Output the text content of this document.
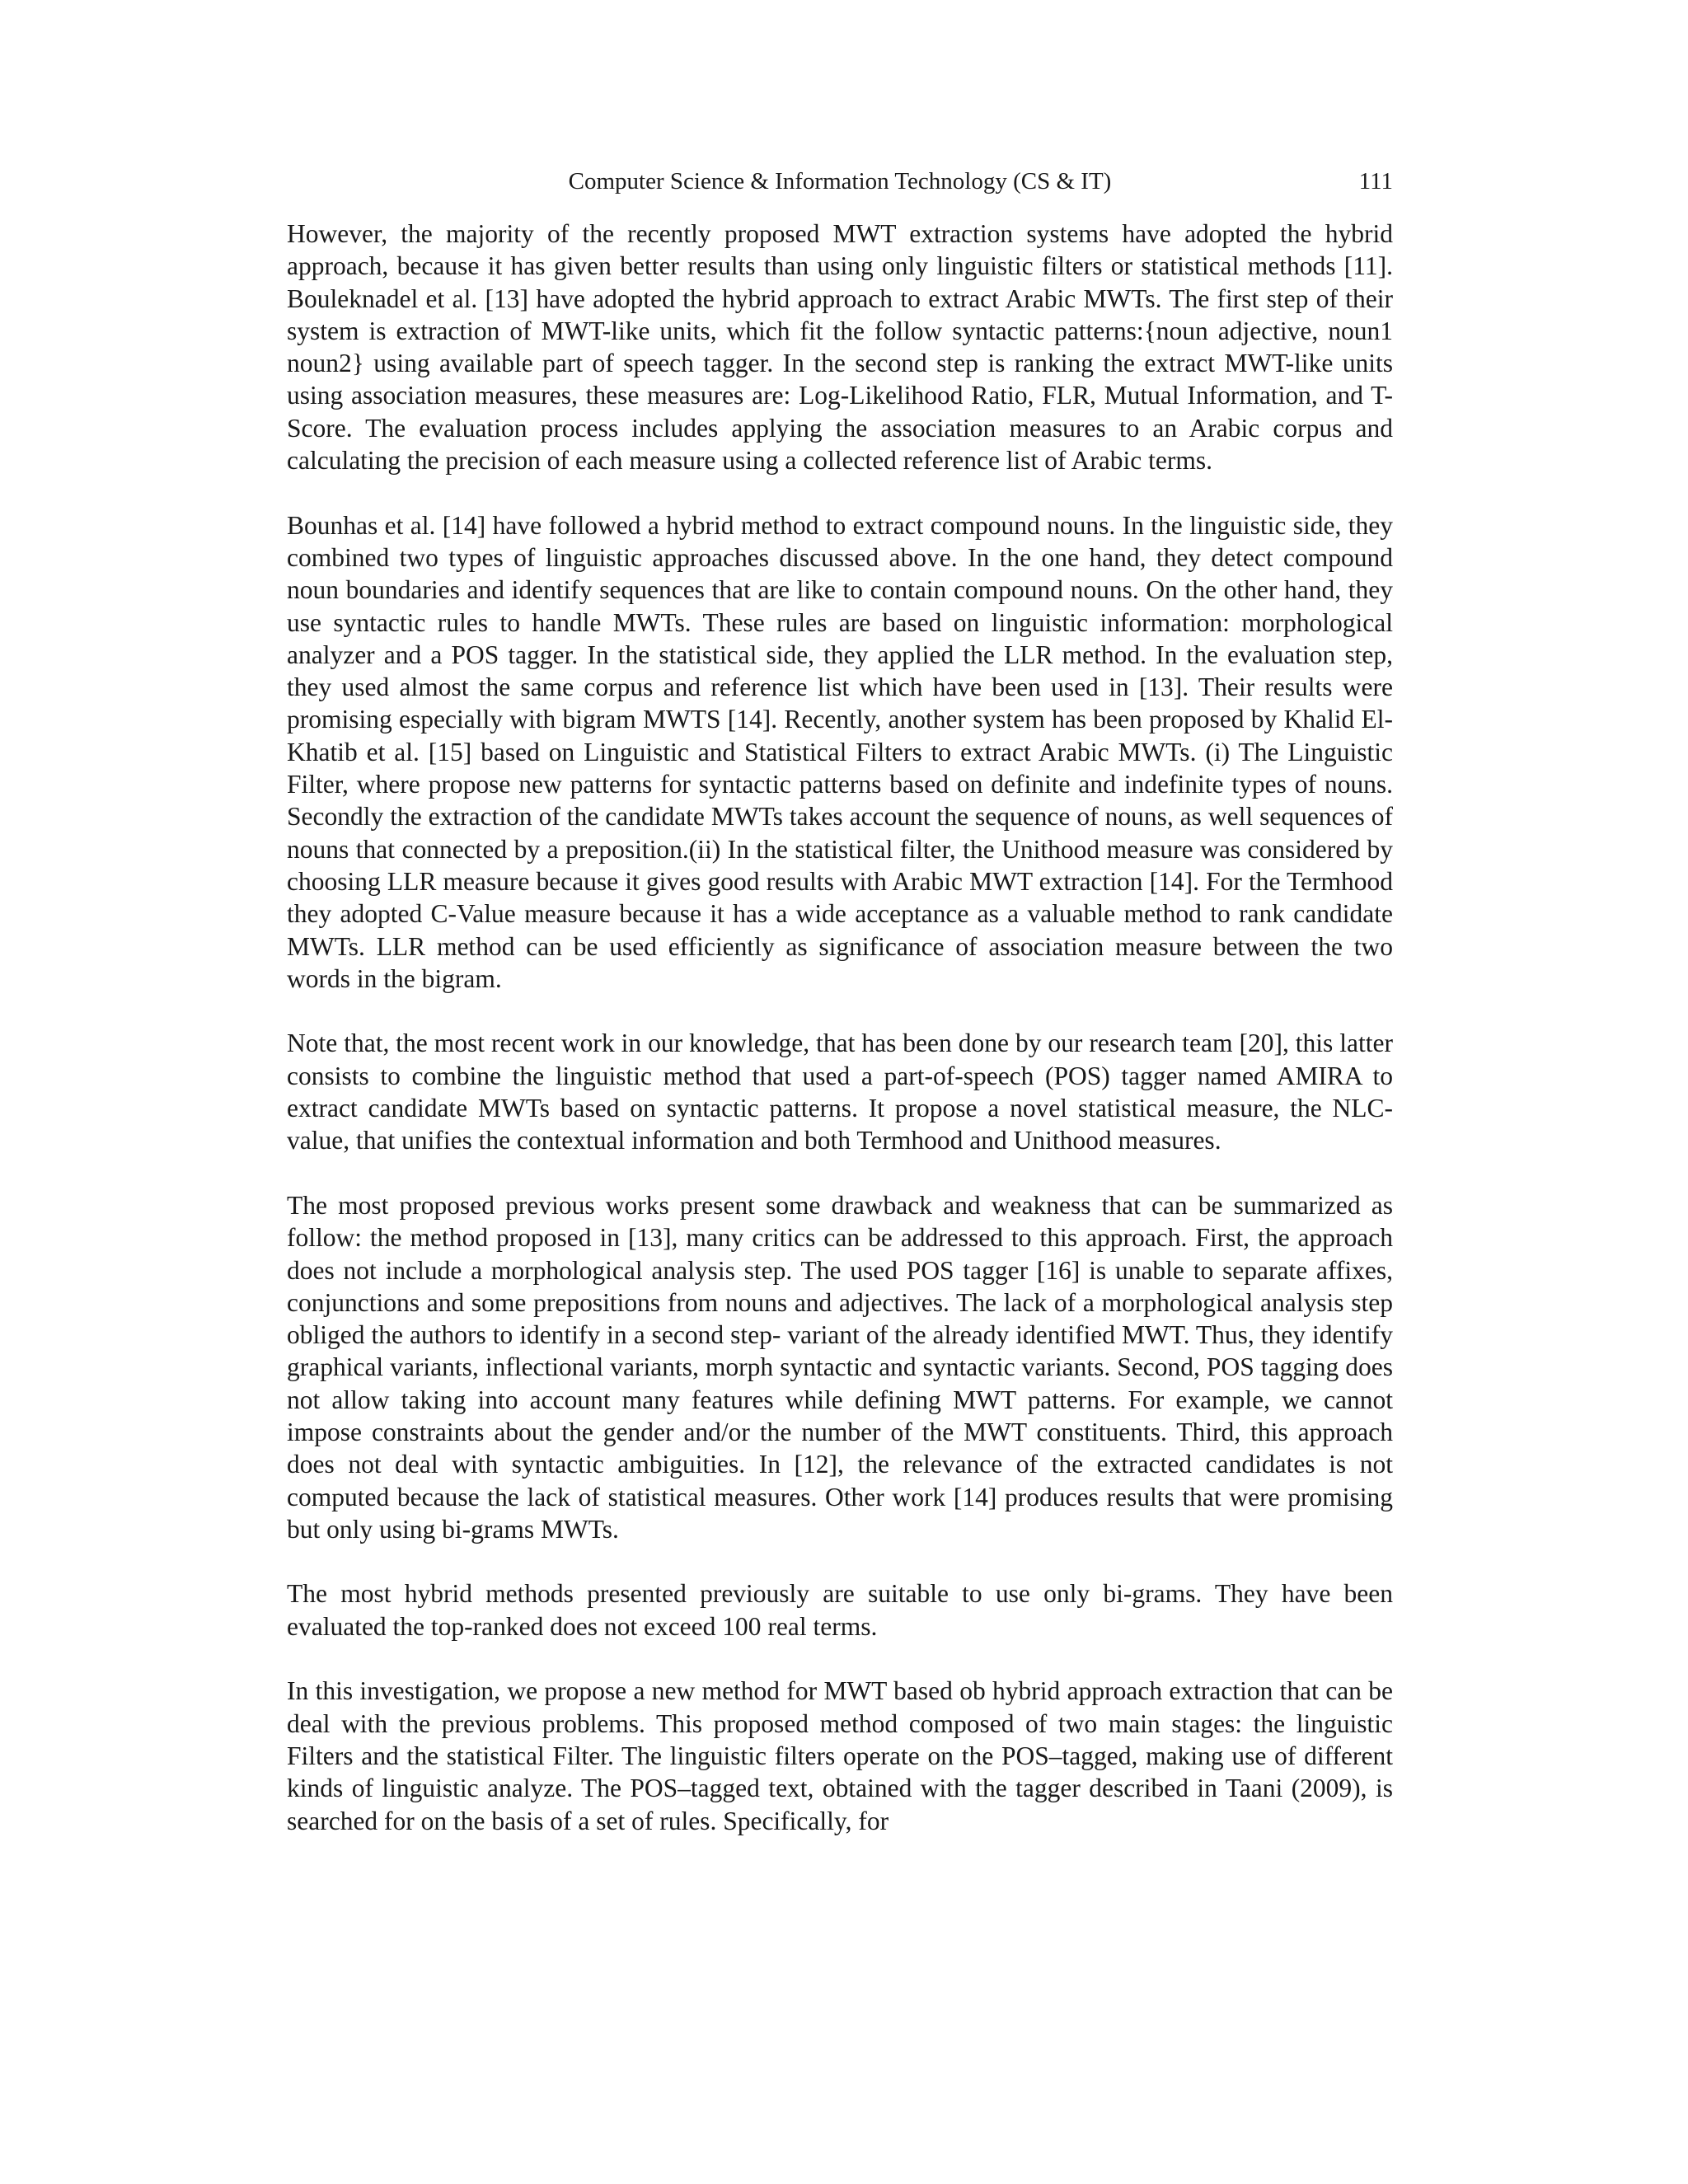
Computer Science & Information Technology (CS & IT)	111

However, the majority of the recently proposed MWT extraction systems have adopted the hybrid approach, because it has given better results than using only linguistic filters or statistical methods [11]. Bouleknadel et al. [13] have adopted the hybrid approach to extract Arabic MWTs. The first step of their system is extraction of MWT-like units, which fit the follow syntactic patterns:{noun adjective, noun1 noun2} using available part of speech tagger. In the second step is ranking the extract MWT-like units using association measures, these measures are: Log-Likelihood Ratio, FLR, Mutual Information, and T-Score. The evaluation process includes applying the association measures to an Arabic corpus and calculating the precision of each measure using a collected reference list of Arabic terms.

Bounhas et al. [14] have followed a hybrid method to extract compound nouns. In the linguistic side, they combined two types of linguistic approaches discussed above. In the one hand, they detect compound noun boundaries and identify sequences that are like to contain compound nouns. On the other hand, they use syntactic rules to handle MWTs. These rules are based on linguistic information: morphological analyzer and a POS tagger. In the statistical side, they applied the LLR method. In the evaluation step, they used almost the same corpus and reference list which have been used in [13]. Their results were promising especially with bigram MWTS [14]. Recently, another system has been proposed by Khalid El-Khatib et al. [15] based on Linguistic and Statistical Filters to extract Arabic MWTs. (i) The Linguistic Filter, where propose new patterns for syntactic patterns based on definite and indefinite types of nouns. Secondly the extraction of the candidate MWTs takes account the sequence of nouns, as well sequences of nouns that connected by a preposition.(ii) In the statistical filter, the Unithood measure was considered by choosing LLR measure because it gives good results with Arabic MWT extraction [14]. For the Termhood they adopted C-Value measure because it has a wide acceptance as a valuable method to rank candidate MWTs. LLR method can be used efficiently as significance of association measure between the two words in the bigram.

Note that, the most recent work in our knowledge, that has been done by our research team [20], this latter consists to combine the linguistic method that used a part-of-speech (POS) tagger named AMIRA to extract candidate MWTs based on syntactic patterns. It propose a novel statistical measure, the NLC-value, that unifies the contextual information and both Termhood and Unithood measures.

The most proposed previous works present some drawback and weakness that can be summarized as follow: the method proposed in [13], many critics can be addressed to this approach. First, the approach does not include a morphological analysis step. The used POS tagger [16] is unable to separate affixes, conjunctions and some prepositions from nouns and adjectives. The lack of a morphological analysis step obliged the authors to identify in a second step- variant of the already identified MWT. Thus, they identify graphical variants, inflectional variants, morph syntactic and syntactic variants. Second, POS tagging does not allow taking into account many features while defining MWT patterns. For example, we cannot impose constraints about the gender and/or the number of the MWT constituents. Third, this approach does not deal with syntactic ambiguities. In [12], the relevance of the extracted candidates is not computed because the lack of statistical measures. Other work [14] produces results that were promising but only using bi-grams MWTs.

The most hybrid methods presented previously are suitable to use only bi-grams. They have been evaluated the top-ranked does not exceed 100 real terms.

In this investigation, we propose a new method for MWT based ob hybrid approach extraction that can be deal with the previous problems. This proposed method composed of two main stages: the linguistic Filters and the statistical Filter. The linguistic filters operate on the POS–tagged, making use of different kinds of linguistic analyze. The POS–tagged text, obtained with the tagger described in Taani (2009), is searched for on the basis of a set of rules. Specifically, for
